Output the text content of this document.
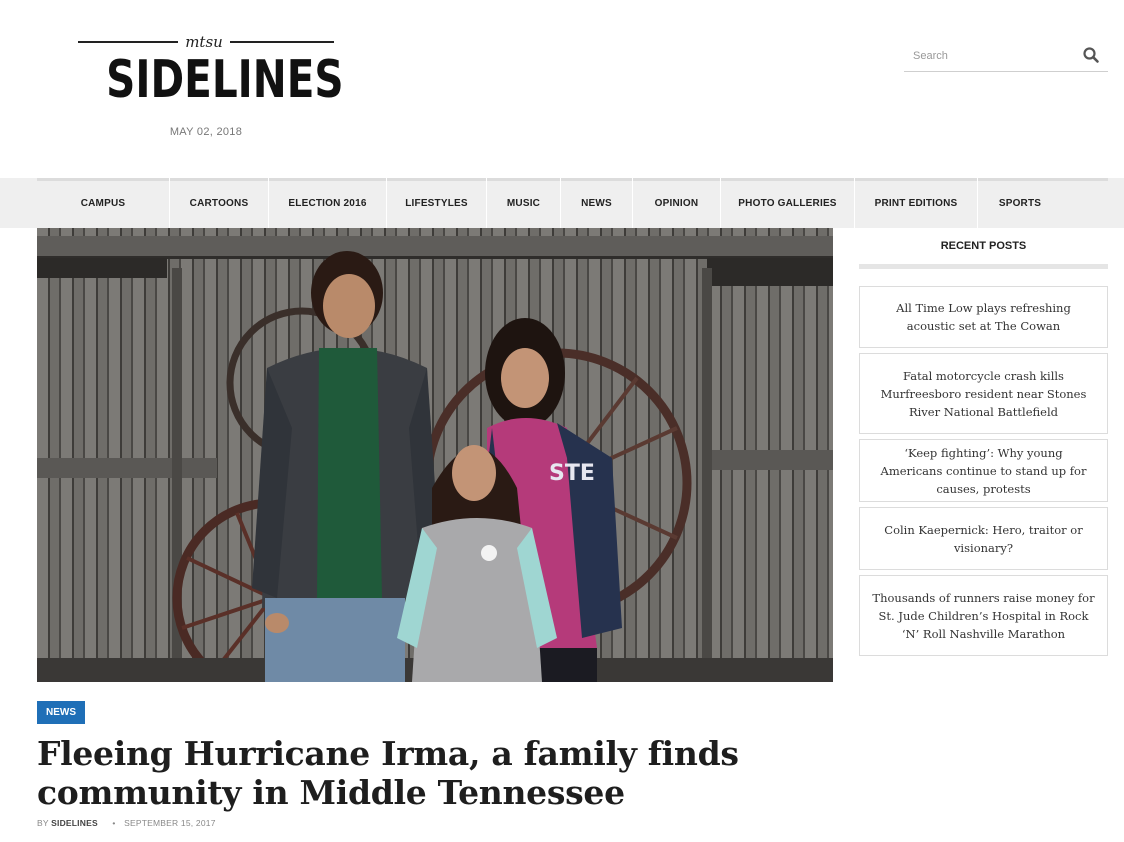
mtsu
SIDELINES
MAY 02, 2018
Search
CAMPUS	CARTOONS	ELECTION 2016	LIFESTYLES	MUSIC	NEWS	OPINION	PHOTO GALLERIES	PRINT EDITIONS	SPORTS
STE
NEWS
Fleeing Hurricane Irma, a family finds community in Middle Tennessee
BY SIDELINES • SEPTEMBER 15, 2017
RECENT POSTS
All Time Low plays refreshing acoustic set at The Cowan
Fatal motorcycle crash kills Murfreesboro resident near Stones River National Battlefield
‘Keep fighting’: Why young Americans continue to stand up for causes, protests
Colin Kaepernick: Hero, traitor or visionary?
Thousands of runners raise money for St. Jude Children’s Hospital in Rock ‘N’ Roll Nashville Marathon
